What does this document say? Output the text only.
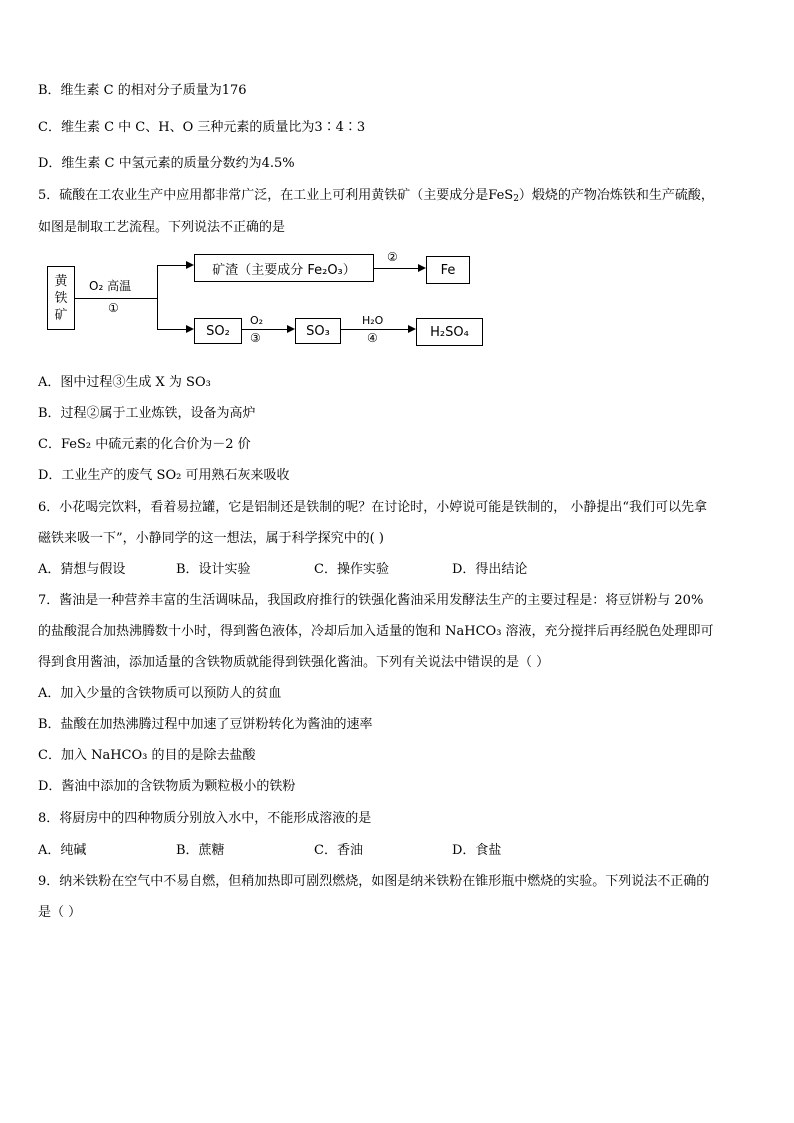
B．维生素 C 的相对分子质量为176
C．维生素 C 中 C、H、O 三种元素的质量比为3∶4∶3
D．维生素 C 中氢元素的质量分数约为4.5%
5．硫酸在工农业生产中应用都非常广泛，在工业上可利用黄铁矿（主要成分是FeS$_2$）煅烧的产物冶炼铁和生产硫酸，
如图是制取工艺流程。下列说法不正确的是
黄铁矿
O₂ 高温
①
矿渣（主要成分 Fe₂O₃）
②
Fe
SO₂
O₂
③	SO₃
H₂O
④	H₂SO₄
A．图中过程③生成 X 为 SO₃
B．过程②属于工业炼铁，设备为高炉
C．FeS₂ 中硫元素的化合价为－2 价
D．工业生产的废气 SO₂ 可用熟石灰来吸收
6．小花喝完饮料，看着易拉罐，它是铝制还是铁制的呢？在讨论时，小婷说可能是铁制的， 小静提出“我们可以先拿
磁铁来吸一下”，小静同学的这一想法，属于科学探究中的( )
A．猜想与假设	B．设计实验	C．操作实验	D．得出结论
7．酱油是一种营养丰富的生活调味品，我国政府推行的铁强化酱油采用发酵法生产的主要过程是：将豆饼粉与 20%
的盐酸混合加热沸腾数十小时，得到酱色液体，冷却后加入适量的饱和 NaHCO₃ 溶液，充分搅拌后再经脱色处理即可
得到食用酱油，添加适量的含铁物质就能得到铁强化酱油。下列有关说法中错误的是（ ）
A．加入少量的含铁物质可以预防人的贫血
B．盐酸在加热沸腾过程中加速了豆饼粉转化为酱油的速率
C．加入 NaHCO₃ 的目的是除去盐酸
D．酱油中添加的含铁物质为颗粒极小的铁粉
8．将厨房中的四种物质分别放入水中，不能形成溶液的是
A．纯碱	B．蔗糖	C．香油	D．食盐
9．纳米铁粉在空气中不易自燃，但稍加热即可剧烈燃烧，如图是纳米铁粉在锥形瓶中燃烧的实验。下列说法不正确的
是（ ）
